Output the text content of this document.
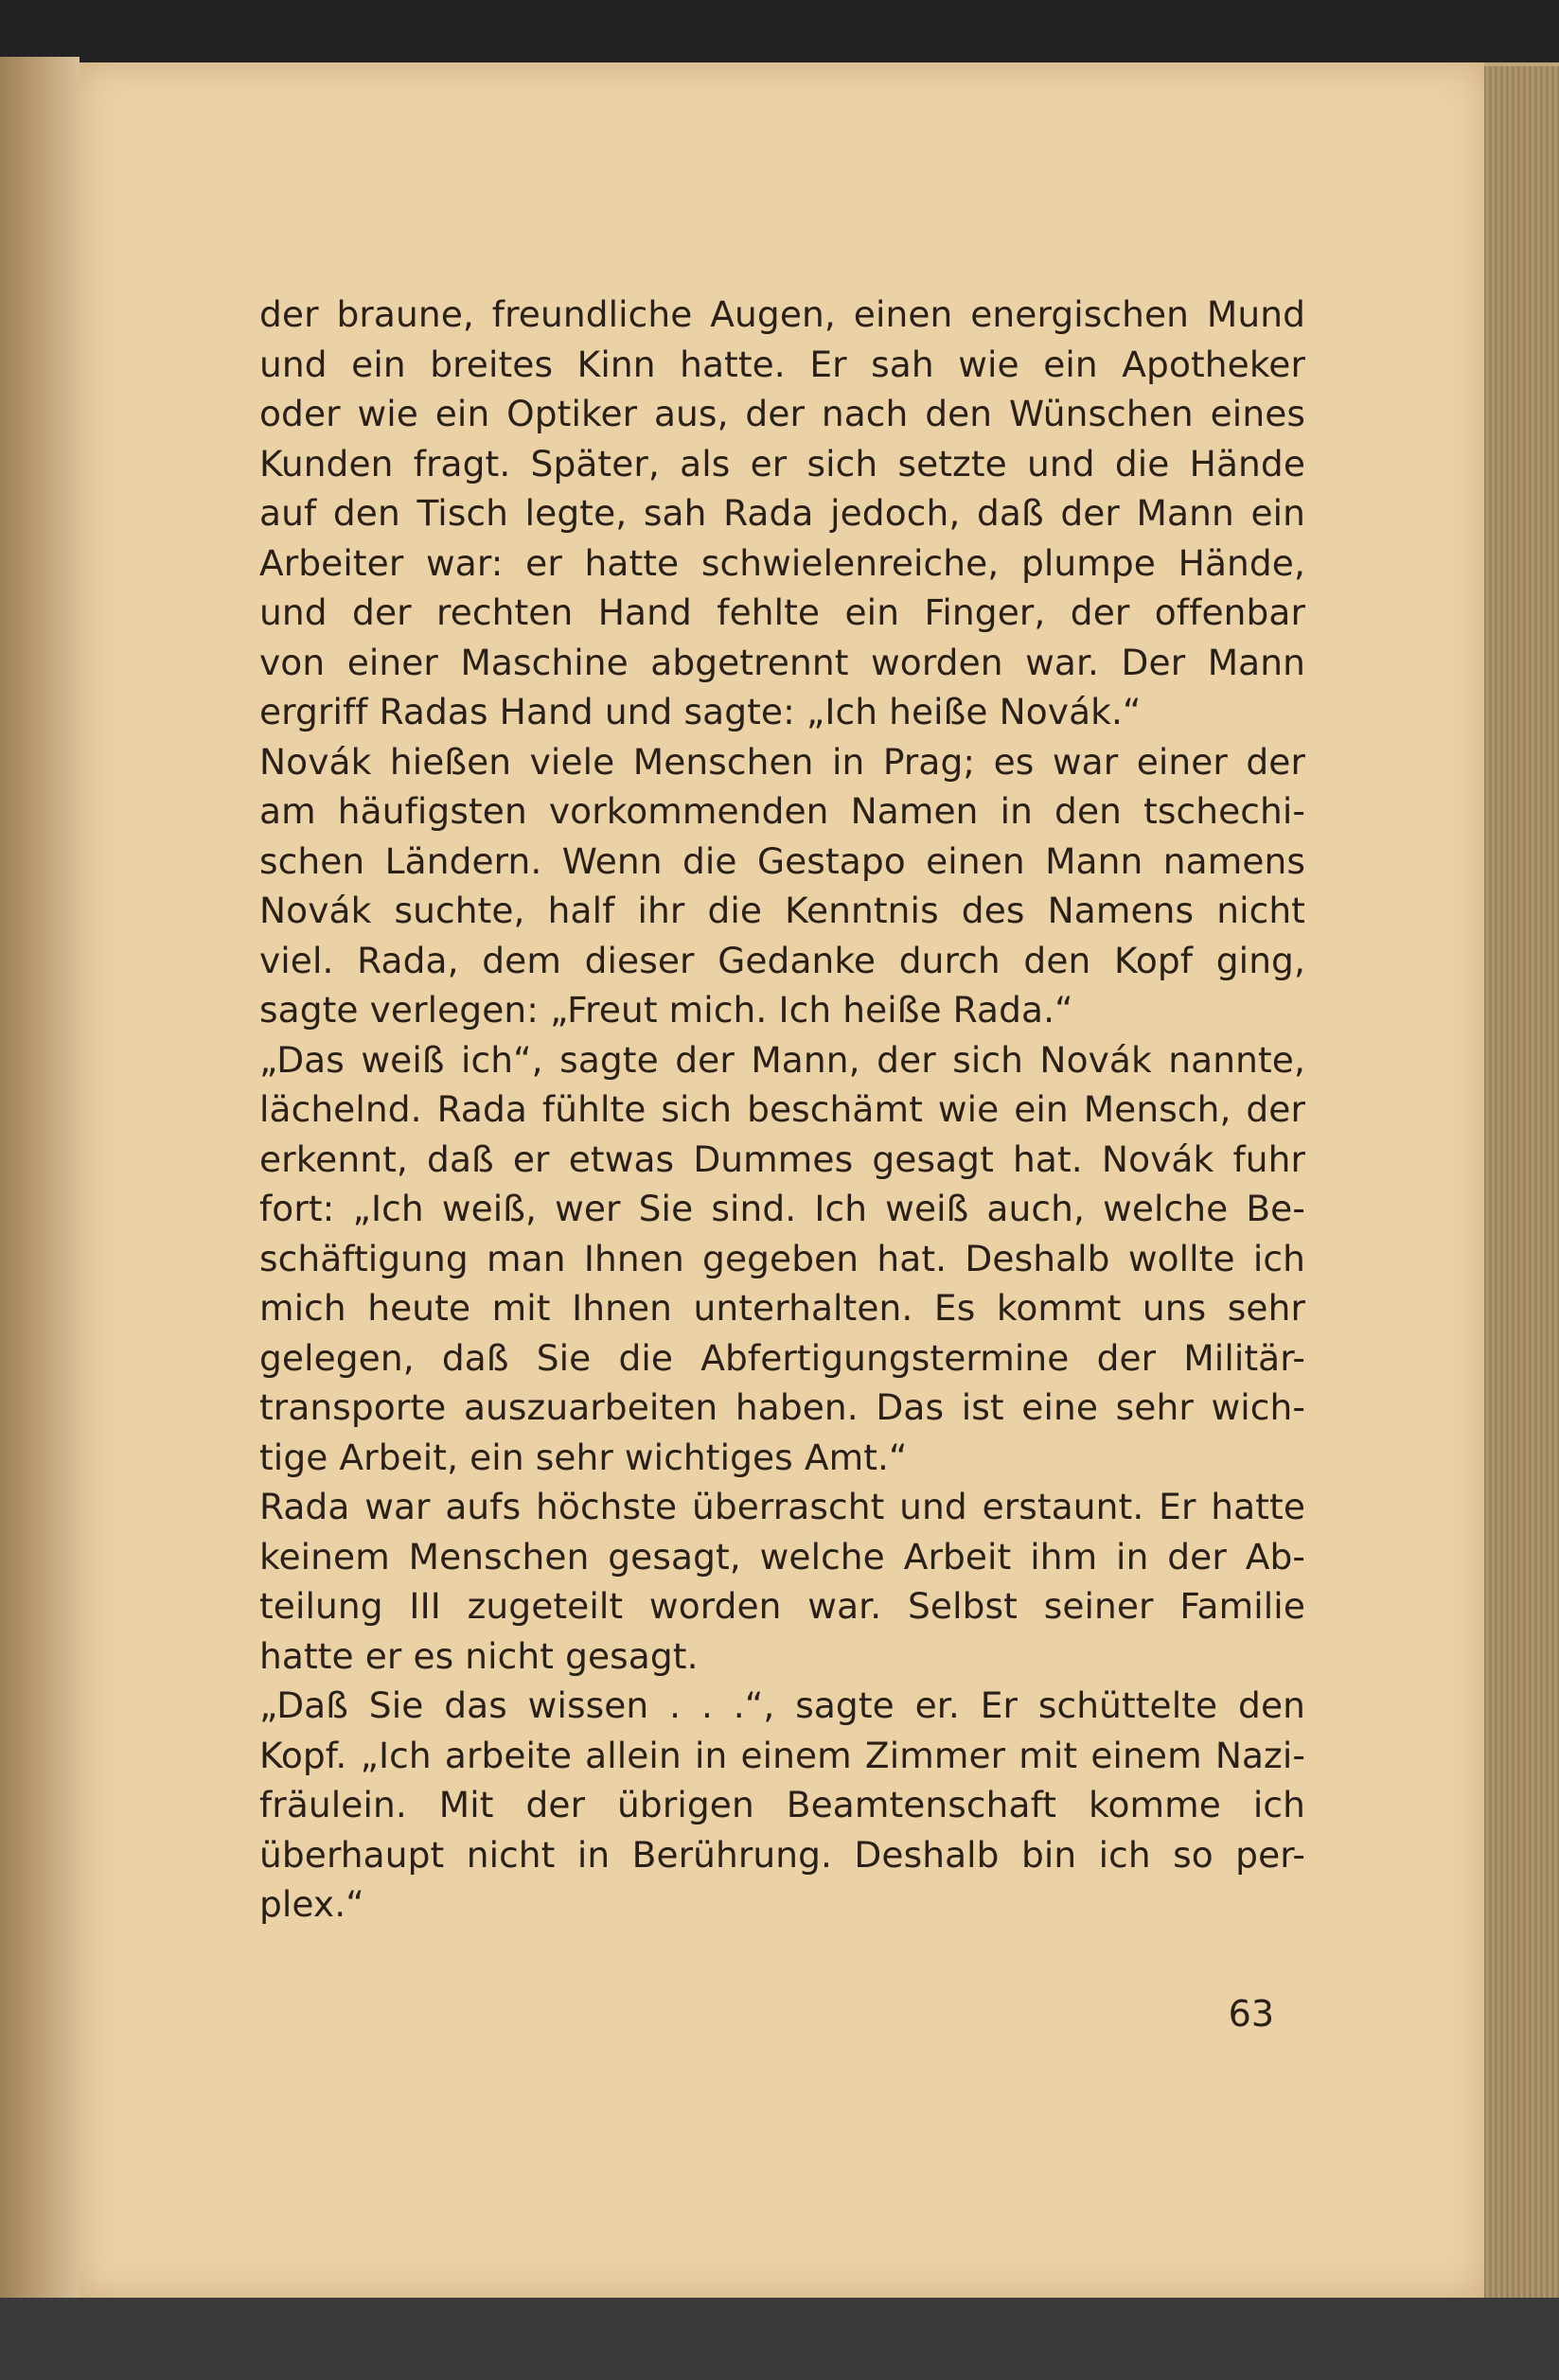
der braune, freundliche Augen, einen energischen Mund
und ein breites Kinn hatte. Er sah wie ein Apotheker
oder wie ein Optiker aus, der nach den Wünschen eines
Kunden fragt. Später, als er sich setzte und die Hände
auf den Tisch legte, sah Rada jedoch, daß der Mann ein
Arbeiter war: er hatte schwielenreiche, plumpe Hände,
und der rechten Hand fehlte ein Finger, der offenbar
von einer Maschine abgetrennt worden war. Der Mann
ergriff Radas Hand und sagte: „Ich heiße Novák.“
Novák hießen viele Menschen in Prag; es war einer der
am häufigsten vorkommenden Namen in den tschechi-
schen Ländern. Wenn die Gestapo einen Mann namens
Novák suchte, half ihr die Kenntnis des Namens nicht
viel. Rada, dem dieser Gedanke durch den Kopf ging,
sagte verlegen: „Freut mich. Ich heiße Rada.“
„Das weiß ich“, sagte der Mann, der sich Novák nannte,
lächelnd. Rada fühlte sich beschämt wie ein Mensch, der
erkennt, daß er etwas Dummes gesagt hat. Novák fuhr
fort: „Ich weiß, wer Sie sind. Ich weiß auch, welche Be-
schäftigung man Ihnen gegeben hat. Deshalb wollte ich
mich heute mit Ihnen unterhalten. Es kommt uns sehr
gelegen, daß Sie die Abfertigungstermine der Militär-
transporte auszuarbeiten haben. Das ist eine sehr wich-
tige Arbeit, ein sehr wichtiges Amt.“
Rada war aufs höchste überrascht und erstaunt. Er hatte
keinem Menschen gesagt, welche Arbeit ihm in der Ab-
teilung III zugeteilt worden war. Selbst seiner Familie
hatte er es nicht gesagt.
„Daß Sie das wissen . . .“, sagte er. Er schüttelte den
Kopf. „Ich arbeite allein in einem Zimmer mit einem Nazi-
fräulein. Mit der übrigen Beamtenschaft komme ich
überhaupt nicht in Berührung. Deshalb bin ich so per-
plex.“
63
